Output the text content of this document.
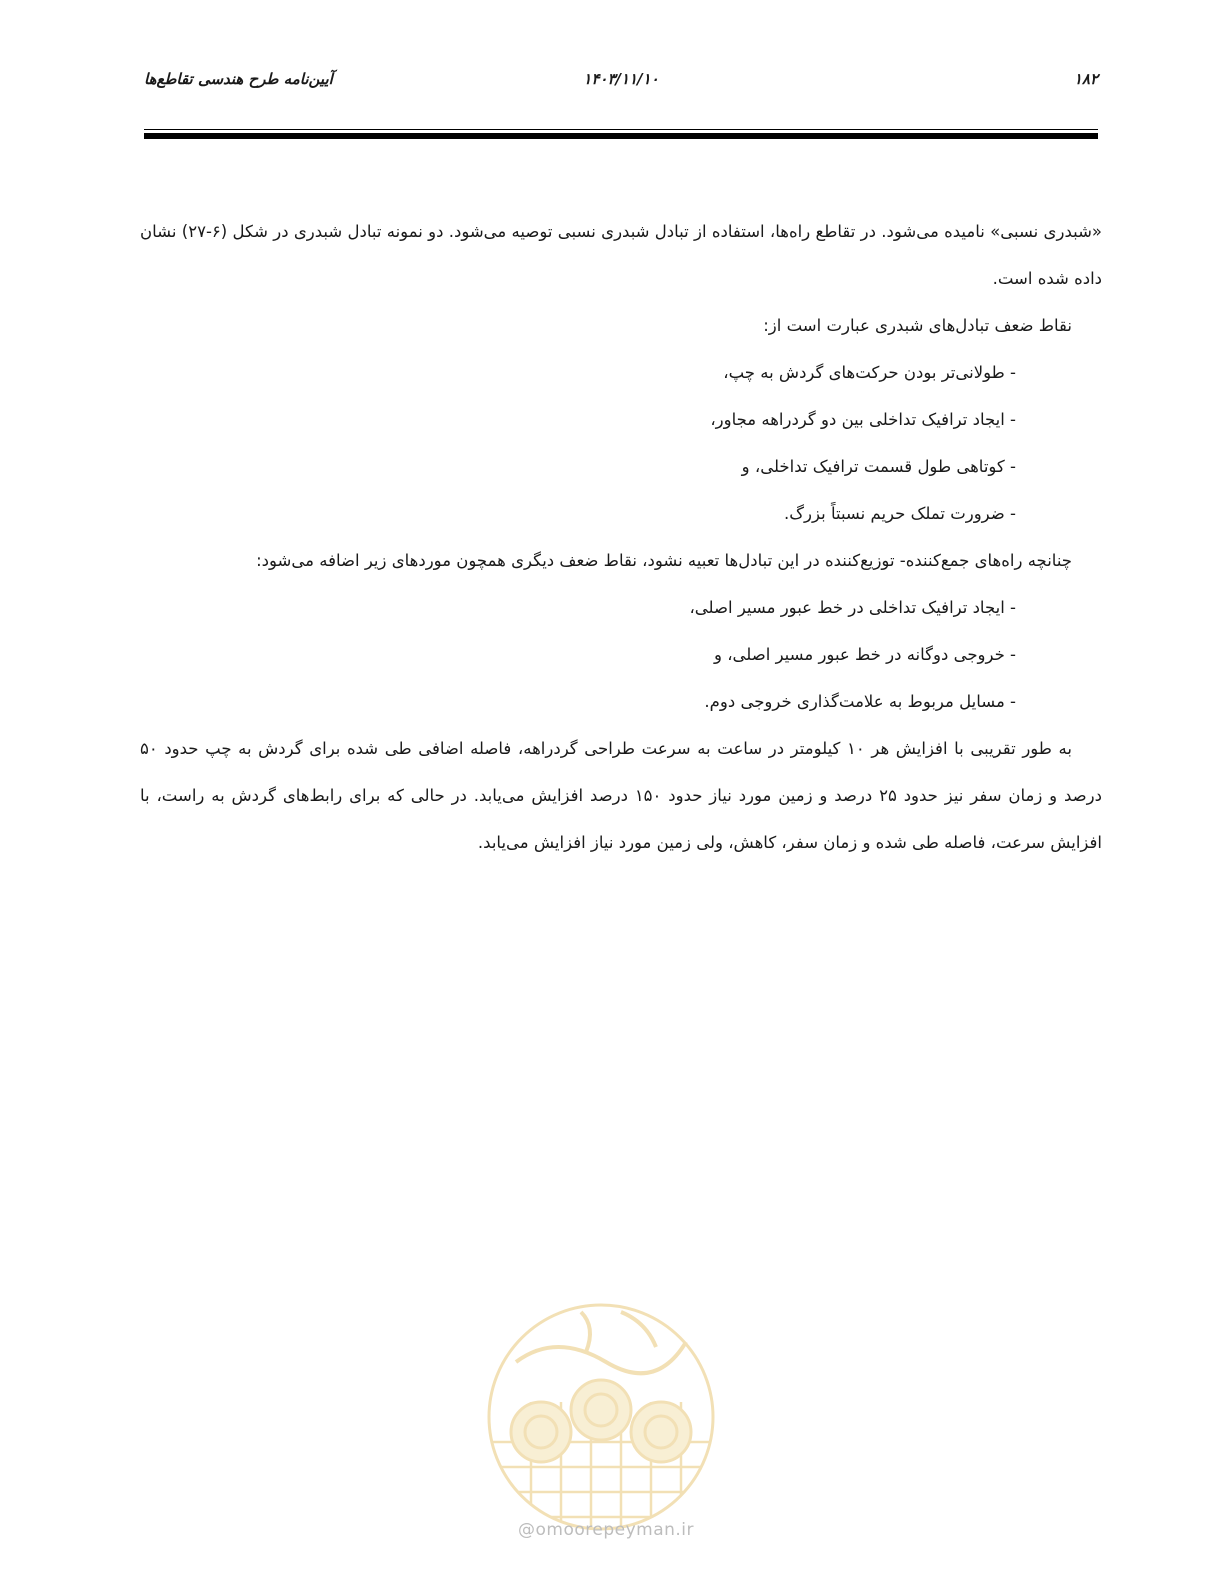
۱۸۲
۱۴۰۳/۱۱/۱۰
آیین‌نامه طرح هندسی تقاطع‌ها

«شبدری نسبی» نامیده می‌شود. در تقاطع راه‌ها، استفاده از تبادل شبدری نسبی توصیه می‌شود. دو نمونه تبادل شبدری در شکل (۶-۲۷) نشان داده شده است.

نقاط ضعف تبادل‌های شبدری عبارت است از:

- طولانی‌تر بودن حرکت‌های گردش به چپ،
- ایجاد ترافیک تداخلی بین دو گردراهه مجاور،
- کوتاهی طول قسمت ترافیک تداخلی، و
- ضرورت تملک حریم نسبتاً بزرگ.

چنانچه راه‌های جمع‌کننده- توزیع‌کننده در این تبادل‌ها تعبیه نشود، نقاط ضعف دیگری همچون موردهای زیر اضافه می‌شود:

- ایجاد ترافیک تداخلی در خط عبور مسیر اصلی،
- خروجی دوگانه در خط عبور مسیر اصلی، و
- مسایل مربوط به علامت‌گذاری خروجی دوم.

به طور تقریبی با افزایش هر ۱۰ کیلومتر در ساعت به سرعت طراحی گردراهه، فاصله اضافی طی شده برای گردش به چپ حدود ۵۰ درصد و زمان سفر نیز حدود ۲۵ درصد و زمین مورد نیاز حدود ۱۵۰ درصد افزایش می‌یابد. در حالی که برای رابط‌های گردش به راست، با افزایش سرعت، فاصله طی شده و زمان سفر، کاهش، ولی زمین مورد نیاز افزایش می‌یابد.

@omoorepeyman.ir
